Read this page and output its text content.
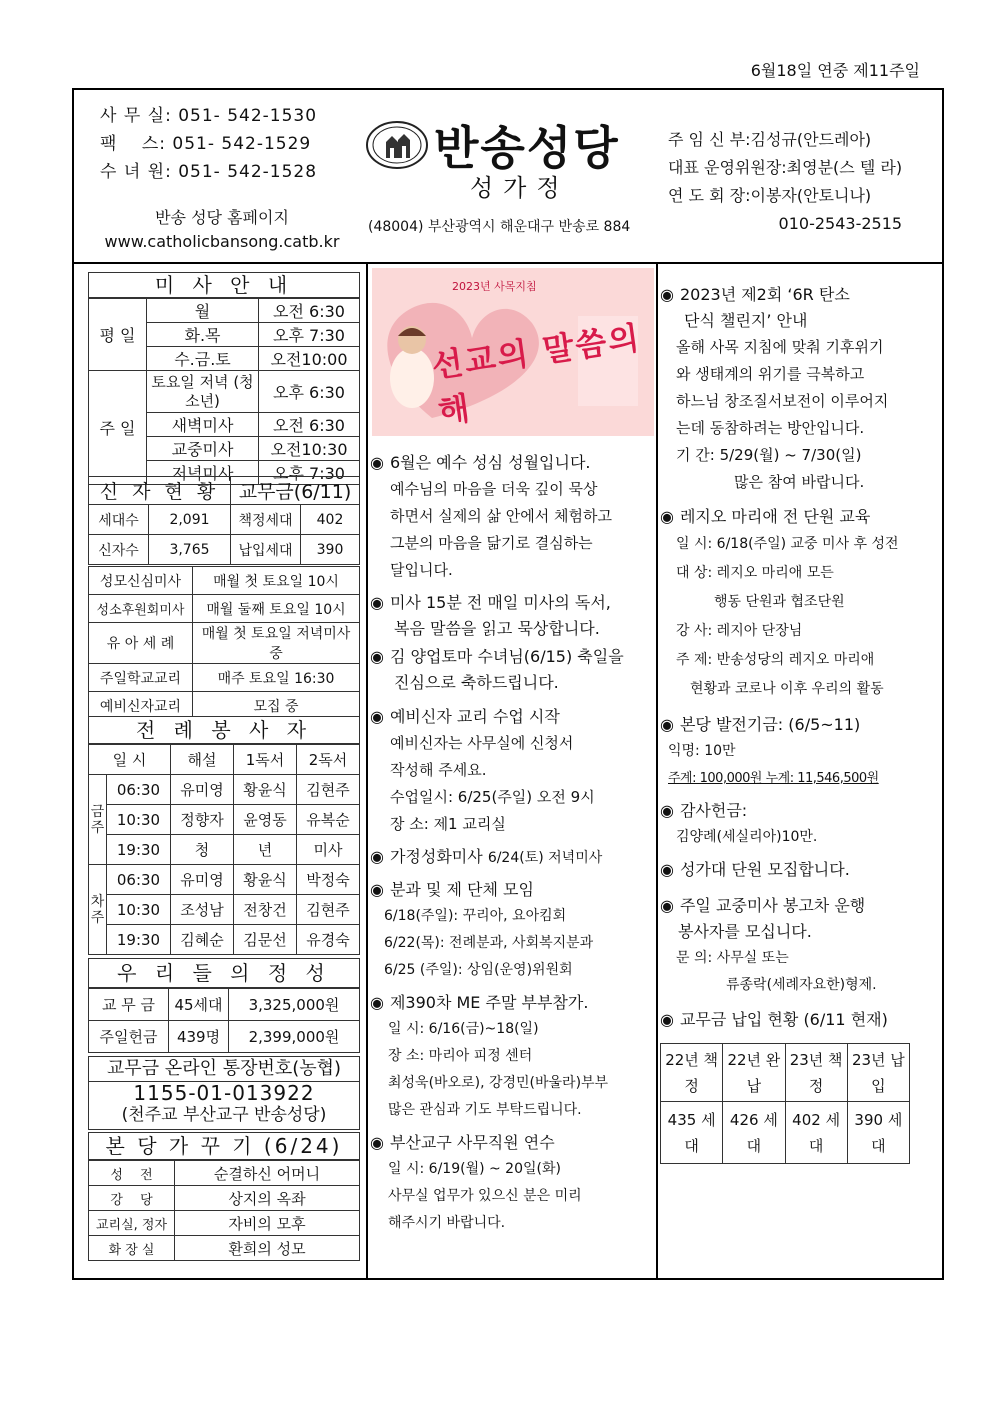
6월18일 연중 제11주일
사 무 실: 051- 542-1530
팩　 스: 051- 542-1529
수 녀 원: 051- 542-1528
반송 성당 홈페이지
www.catholicbansong.catb.kr
반송성당
성가정
(48004) 부산광역시 해운대구 반송로 884
주 임 신 부:김성규(안드레아)
대표 운영위원장:최영분(스 텔 라)
연 도 회 장:이봉자(안토니나)
010-2543-2515
미 사 안 내
평 일	월	오전 6:30
	화.목	오후 7:30
	수.금.토	오전10:00
주 일	토요일 저녁 (청소년)	오후 6:30
	새벽미사	오전 6:30
	교중미사	오전10:30
	저녁미사	오후 7:30
신 자 현 황		교무금(6/11)	
세대수	2,091	책정세대	402
신자수	3,765	납입세대	390
성모신심미사	매월 첫 토요일 10시
성소후원회미사	매월 둘째 토요일 10시
유 아 세 례	매월 첫 토요일 저녁미사 중
주일학교교리	매주 토요일 16:30
예비신자교리	모집 중
전 례 봉 사 자
일 시		해설	1독서	2독서
금주	06:30	유미영	황윤식	김현주
	10:30	정향자	윤영동	유복순
	19:30	청	년	미사
차주	06:30	유미영	황윤식	박정숙
	10:30	조성남	전창건	김현주
	19:30	김혜순	김문선	유경숙
우 리 들 의 정 성
교 무 금	45세대	3,325,000원
주일헌금	439명	2,399,000원
교무금 온라인 통장번호(농협)
1155-01-013922
(천주교 부산교구 반송성당)
본 당 가 꾸 기 (6/24)
성　 전	순결하신 어머니
강　 당	상지의 옥좌
교리실, 정자	자비의 모후
화 장 실	환희의 성모
2023년 사목지침
선교의 말씀의 해
◉ 6월은 예수 성심 성월입니다.
예수님의 마음을 더욱 깊이 묵상
하면서 실제의 삶 안에서 체험하고
그분의 마음을 닮기로 결심하는
달입니다.
◉ 미사 15분 전 매일 미사의 독서,
복음 말씀을 읽고 묵상합니다.
◉ 김 양업토마 수녀님(6/15) 축일을
진심으로 축하드립니다.
◉ 예비신자 교리 수업 시작
예비신자는 사무실에 신청서
작성해 주세요.
수업일시: 6/25(주일) 오전 9시
장 소: 제1 교리실
◉ 가정성화미사 6/24(토) 저녁미사
◉ 분과 및 제 단체 모임
6/18(주일): 꾸리아, 요아킴회
6/22(목): 전례분과, 사회복지분과
6/25 (주일): 상임(운영)위원회
◉ 제390차 ME 주말 부부참가.
일 시: 6/16(금)~18(일)
장 소: 마리아 피정 센터
최성욱(바오로), 강경민(바울라)부부
많은 관심과 기도 부탁드립니다.
◉ 부산교구 사무직원 연수
일 시: 6/19(월) ~ 20일(화)
사무실 업무가 있으신 분은 미리
해주시기 바랍니다.
◉ 2023년 제2회 ‘6R 탄소
단식 챌린지’ 안내
올해 사목 지침에 맞춰 기후위기
와 생태계의 위기를 극복하고
하느님 창조질서보전이 이루어지
는데 동참하려는 방안입니다.
기 간: 5/29(월) ~ 7/30(일)
많은 참여 바랍니다.
◉ 레지오 마리애 전 단원 교육
일 시: 6/18(주일) 교중 미사 후 성전
대 상: 레지오 마리애 모든
행동 단원과 협조단원
강 사: 레지아 단장님
주 제: 반송성당의 레지오 마리애
현황과 코로나 이후 우리의 활동
◉ 본당 발전기금: (6/5~11)
익명: 10만
주계: 100,000원 누계: 11,546,500원
◉ 감사헌금:
김양례(세실리아)10만.
◉ 성가대 단원 모집합니다.
◉ 주일 교중미사 봉고차 운행
봉사자를 모십니다.
문 의: 사무실 또는
류종락(세례자요한)형제.
◉ 교무금 납입 현황 (6/11 현재)
22년 책정	22년 완납	23년 책정	23년 납입
435 세대	426 세대	402 세대	390 세대
